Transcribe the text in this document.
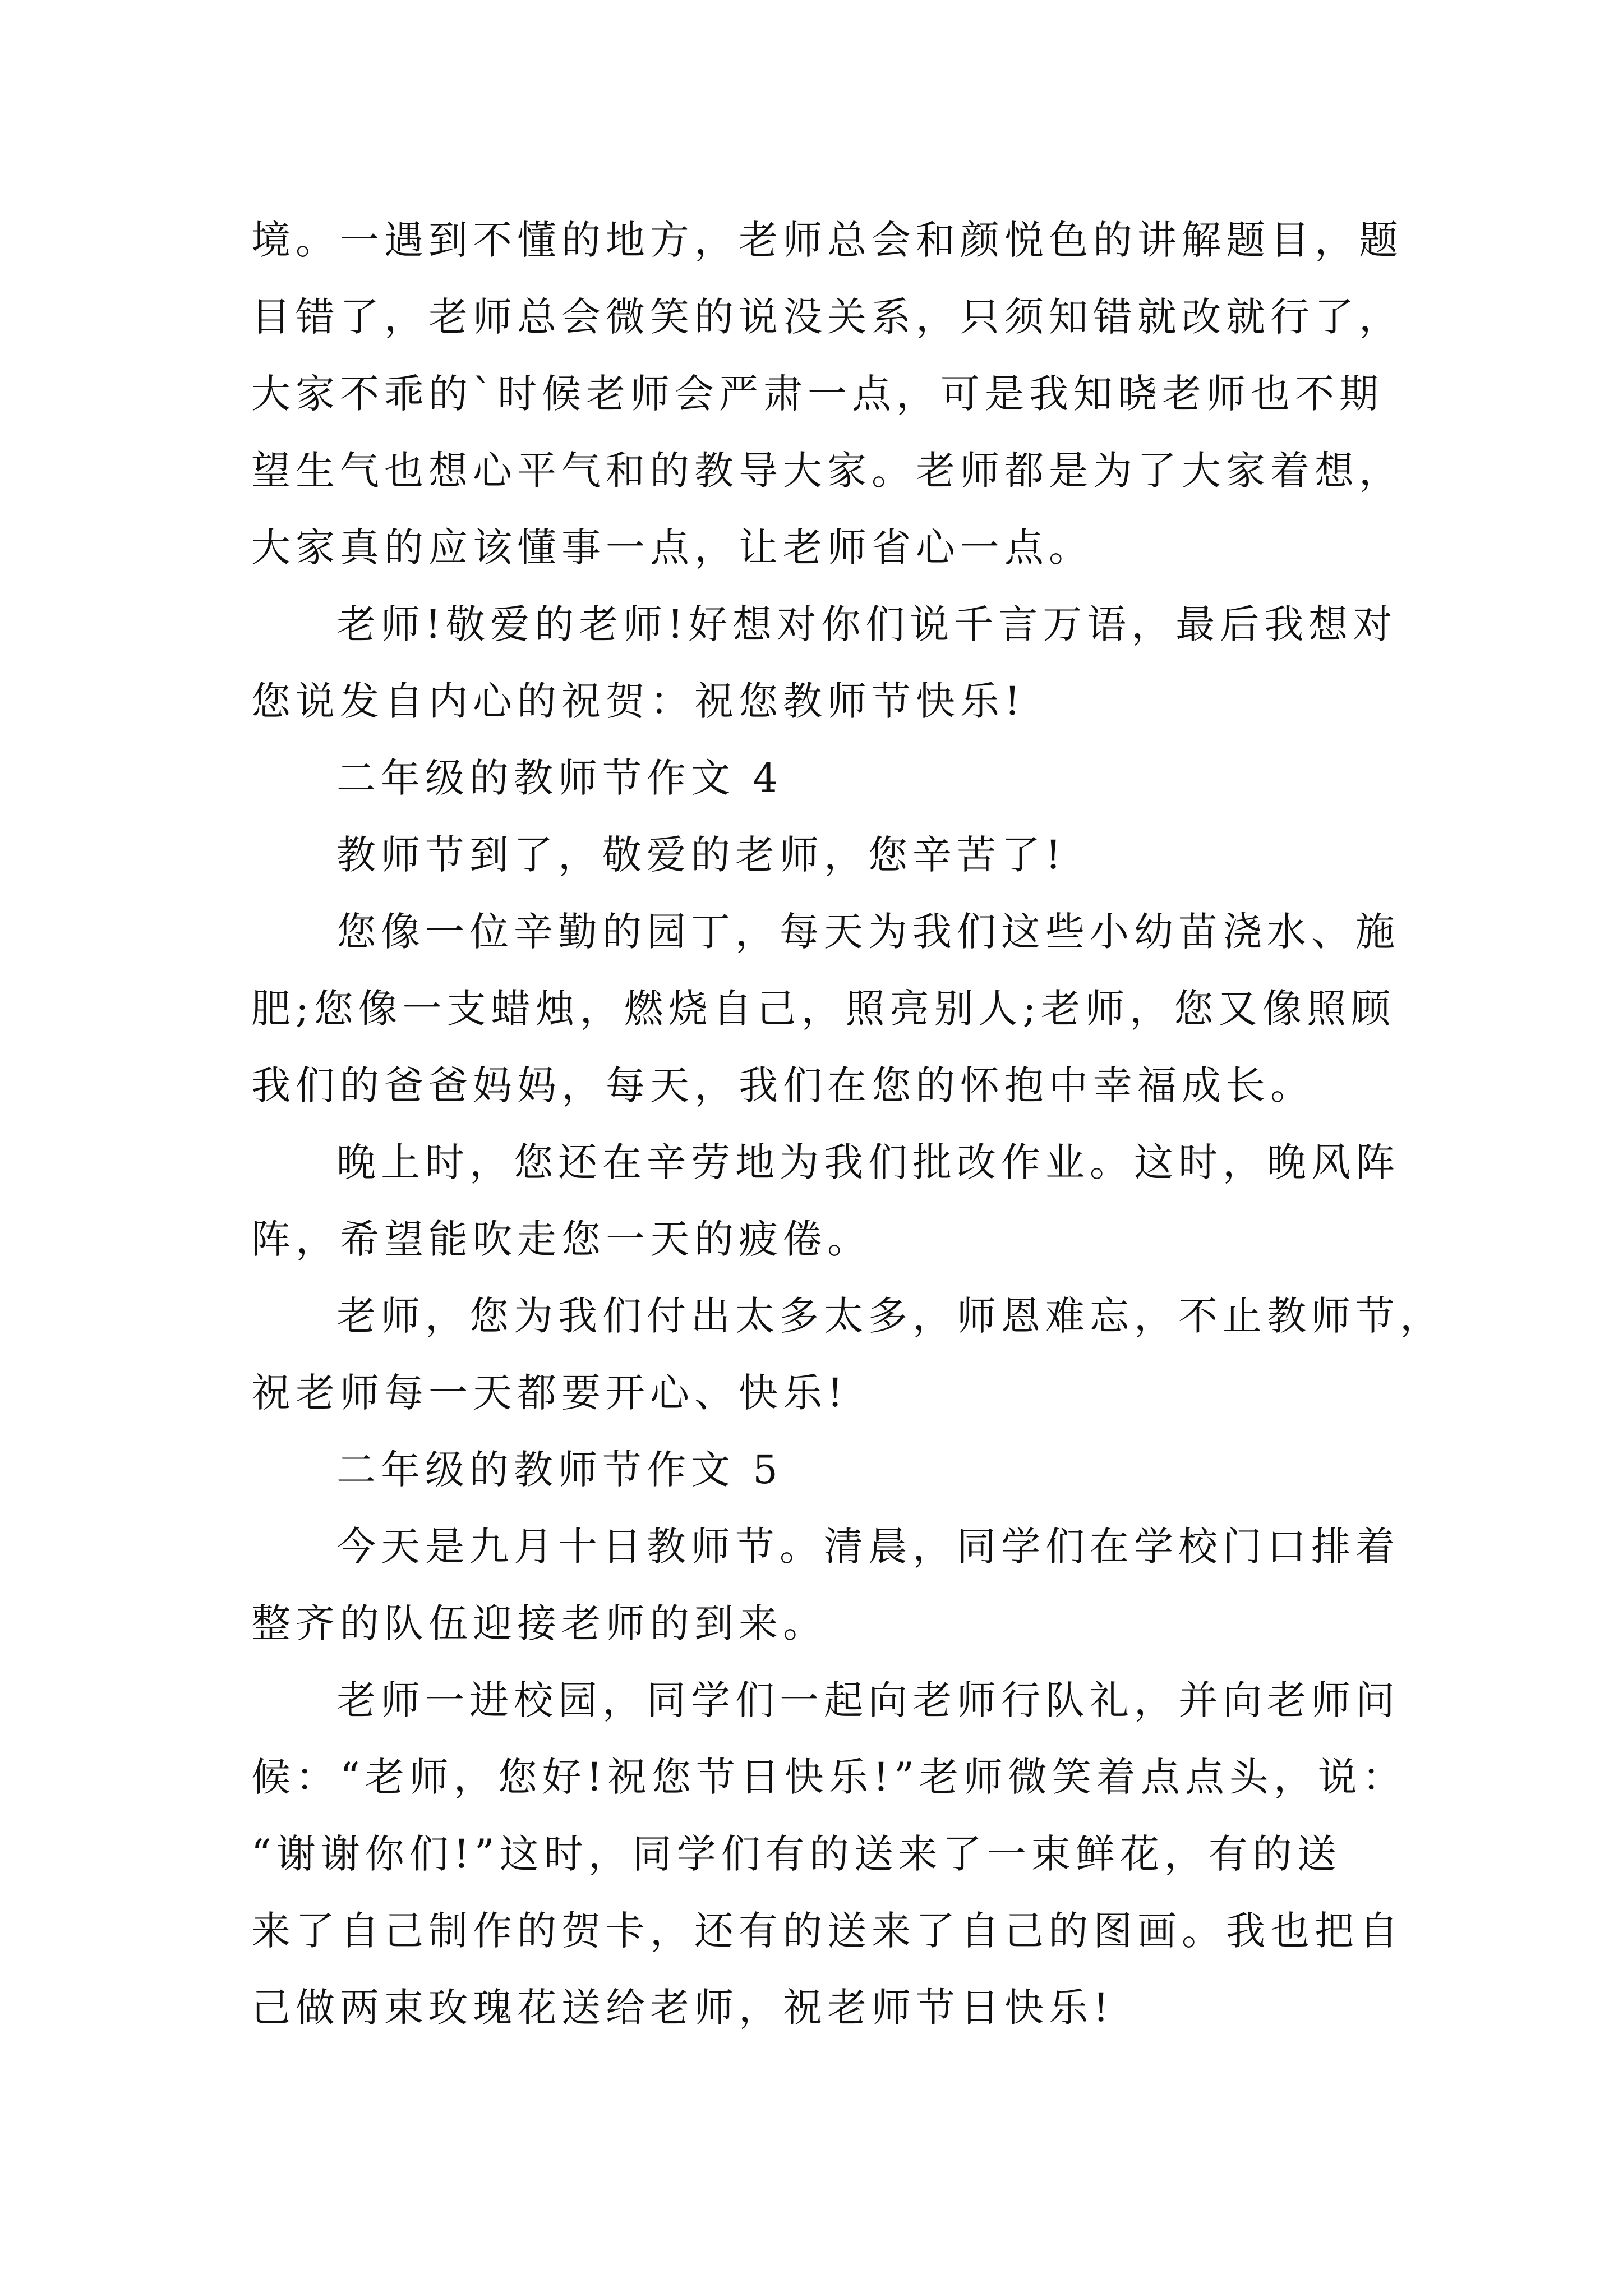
境。一遇到不懂的地方，老师总会和颜悦色的讲解题目，题
目错了，老师总会微笑的说没关系，只须知错就改就行了，
大家不乖的`时候老师会严肃一点，可是我知晓老师也不期
望生气也想心平气和的教导大家。老师都是为了大家着想，
大家真的应该懂事一点，让老师省心一点。
老师!敬爱的老师!好想对你们说千言万语，最后我想对
您说发自内心的祝贺：祝您教师节快乐!
二年级的教师节作文 4
教师节到了，敬爱的老师，您辛苦了!
您像一位辛勤的园丁，每天为我们这些小幼苗浇水、施
肥;您像一支蜡烛，燃烧自己，照亮别人;老师，您又像照顾
我们的爸爸妈妈，每天，我们在您的怀抱中幸福成长。
晚上时，您还在辛劳地为我们批改作业。这时，晚风阵
阵，希望能吹走您一天的疲倦。
老师，您为我们付出太多太多，师恩难忘，不止教师节，
祝老师每一天都要开心、快乐!
二年级的教师节作文 5
今天是九月十日教师节。清晨，同学们在学校门口排着
整齐的队伍迎接老师的到来。
老师一进校园，同学们一起向老师行队礼，并向老师问
候：“老师，您好!祝您节日快乐!”老师微笑着点点头，说：
“谢谢你们!”这时，同学们有的送来了一束鲜花，有的送
来了自己制作的贺卡，还有的送来了自己的图画。我也把自
己做两束玫瑰花送给老师，祝老师节日快乐!
